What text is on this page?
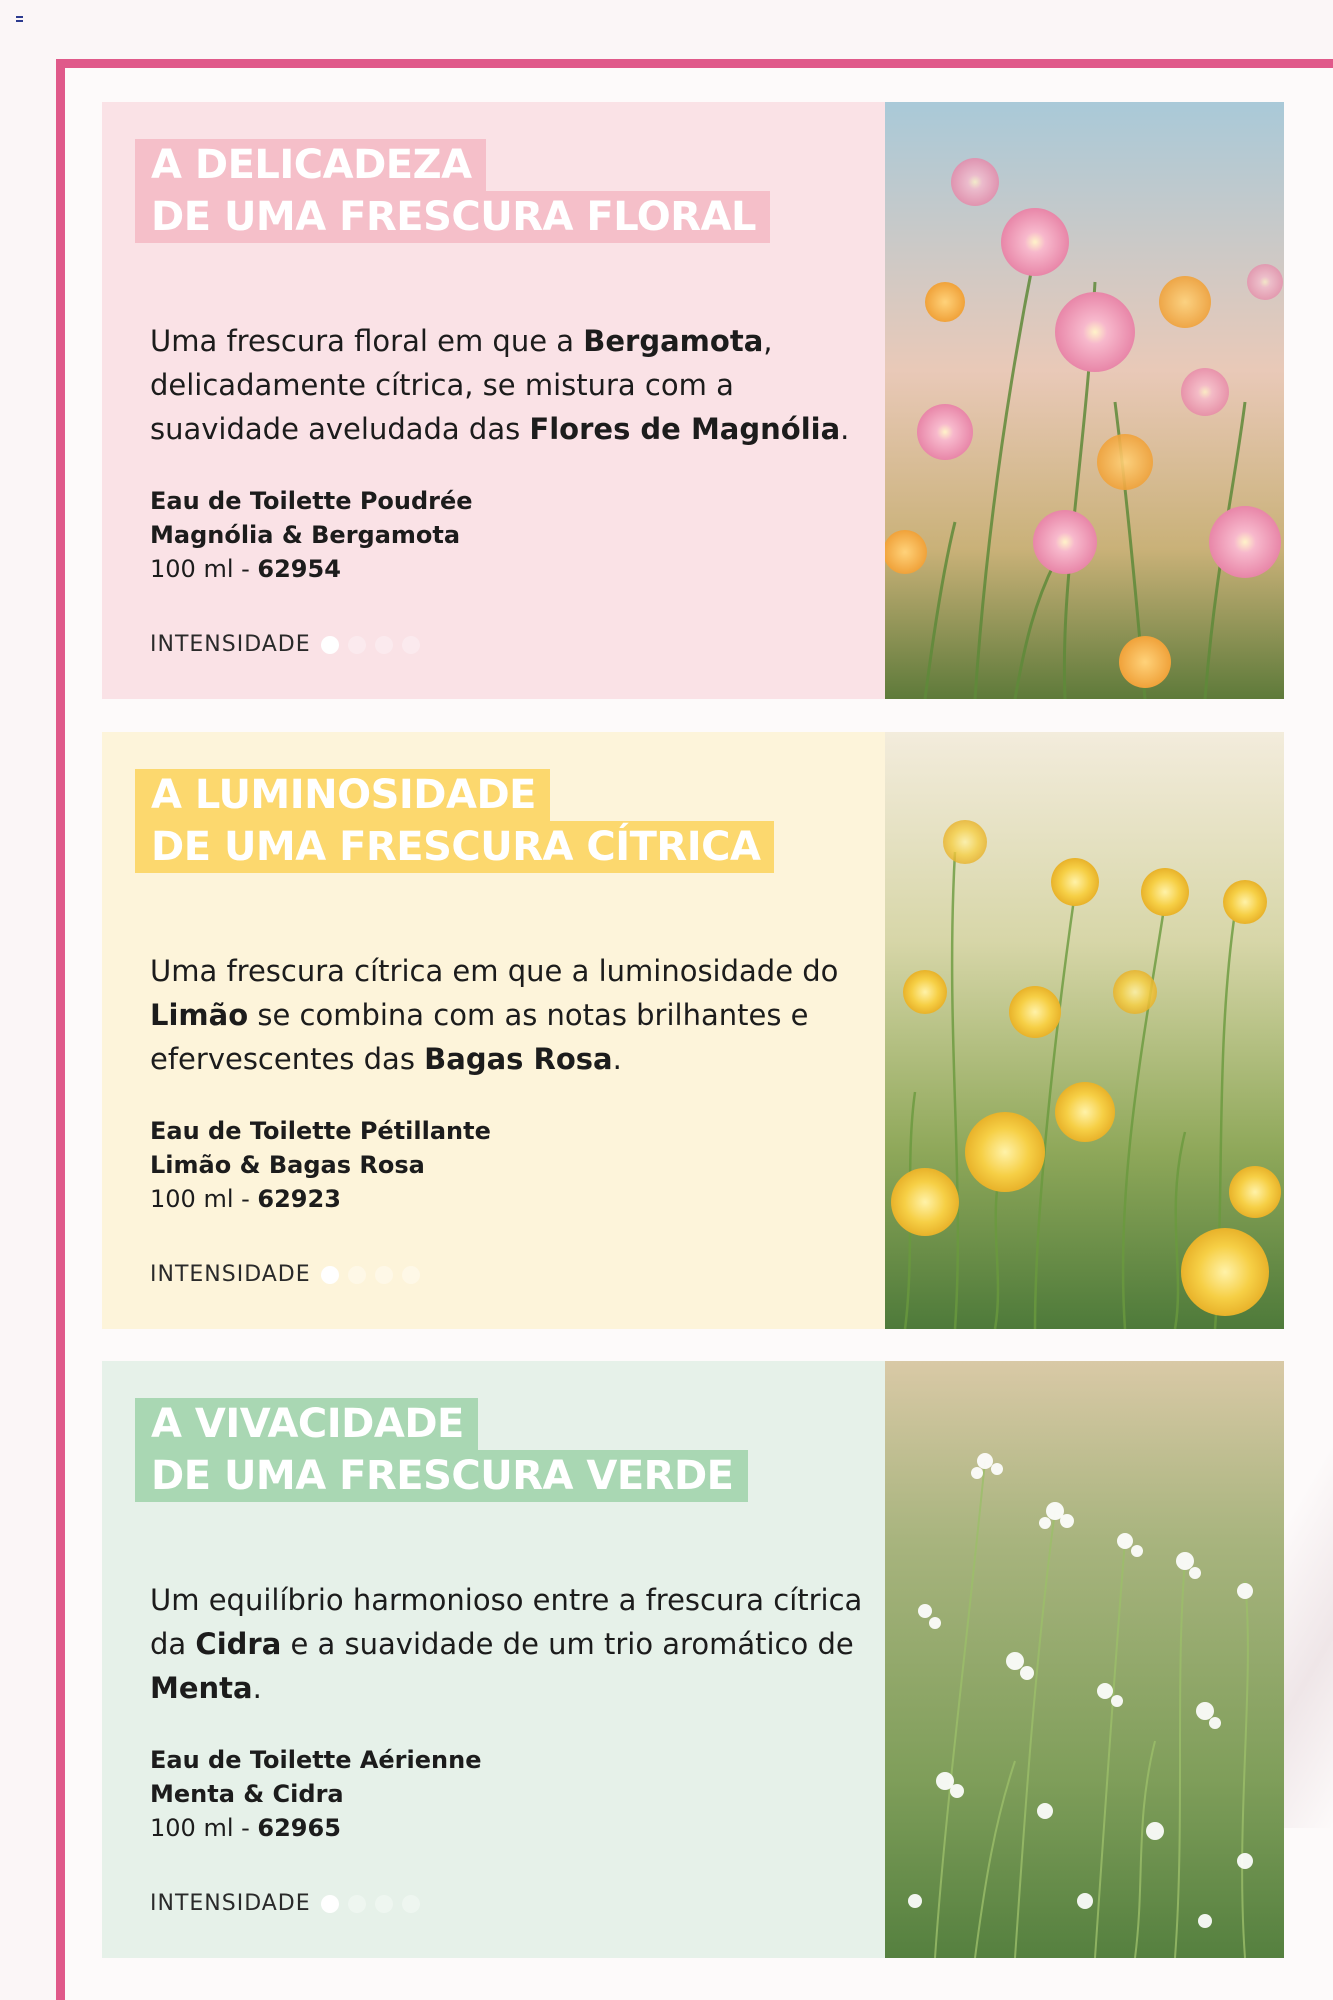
A DELICADEZA
DE UMA FRESCURA FLORAL

Uma frescura floral em que a Bergamota, delicadamente cítrica, se mistura com a suavidade aveludada das Flores de Magnólia.

Eau de Toilette Poudrée
Magnólia & Bergamota
100 ml - 62954
INTENSIDADE
A LUMINOSIDADE
DE UMA FRESCURA CÍTRICA

Uma frescura cítrica em que a luminosidade do Limão se combina com as notas brilhantes e efervescentes das Bagas Rosa.

Eau de Toilette Pétillante
Limão & Bagas Rosa
100 ml - 62923
INTENSIDADE
A VIVACIDADE
DE UMA FRESCURA VERDE

Um equilíbrio harmonioso entre a frescura cítrica da Cidra e a suavidade de um trio aromático de Menta.

Eau de Toilette Aérienne
Menta & Cidra
100 ml - 62965
INTENSIDADE
